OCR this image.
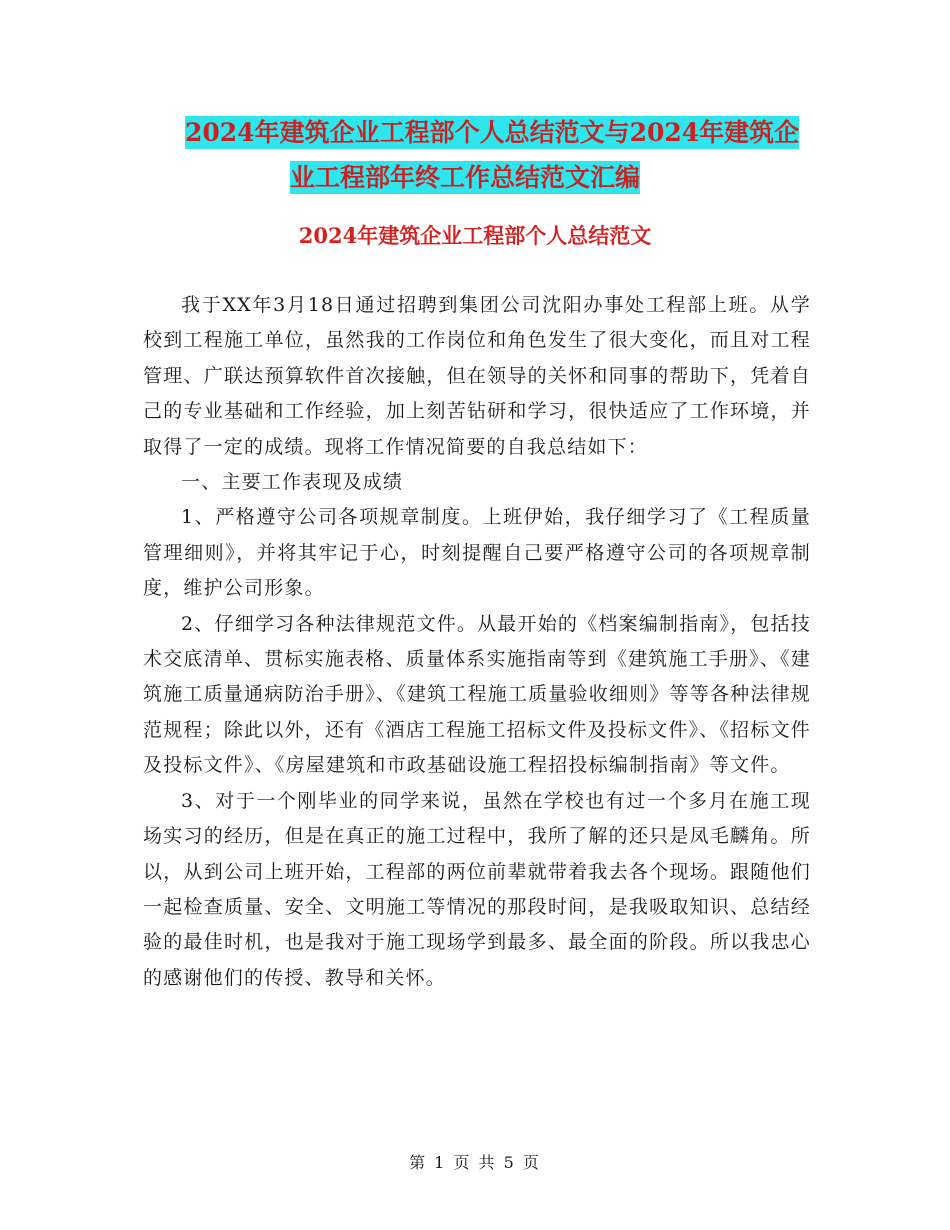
2024年建筑企业工程部个人总结范文与2024年建筑企
业工程部年终工作总结范文汇编
2024年建筑企业工程部个人总结范文

我于XX年3月18日通过招聘到集团公司沈阳办事处工程部上班。从学校到工程施工单位，虽然我的工作岗位和角色发生了很大变化，而且对工程管理、广联达预算软件首次接触，但在领导的关怀和同事的帮助下，凭着自己的专业基础和工作经验，加上刻苦钻研和学习，很快适应了工作环境，并取得了一定的成绩。现将工作情况简要的自我总结如下：

一、主要工作表现及成绩

1、严格遵守公司各项规章制度。上班伊始，我仔细学习了《工程质量管理细则》，并将其牢记于心，时刻提醒自己要严格遵守公司的各项规章制度，维护公司形象。

2、仔细学习各种法律规范文件。从最开始的《档案编制指南》，包括技术交底清单、贯标实施表格、质量体系实施指南等到《建筑施工手册》、《建筑施工质量通病防治手册》、《建筑工程施工质量验收细则》等等各种法律规范规程；除此以外，还有《酒店工程施工招标文件及投标文件》、《招标文件及投标文件》、《房屋建筑和市政基础设施工程招投标编制指南》等文件。

3、对于一个刚毕业的同学来说，虽然在学校也有过一个多月在施工现场实习的经历，但是在真正的施工过程中，我所了解的还只是凤毛麟角。所以，从到公司上班开始，工程部的两位前辈就带着我去各个现场。跟随他们一起检查质量、安全、文明施工等情况的那段时间，是我吸取知识、总结经验的最佳时机，也是我对于施工现场学到最多、最全面的阶段。所以我忠心的感谢他们的传授、教导和关怀。

第 1 页 共 5 页
